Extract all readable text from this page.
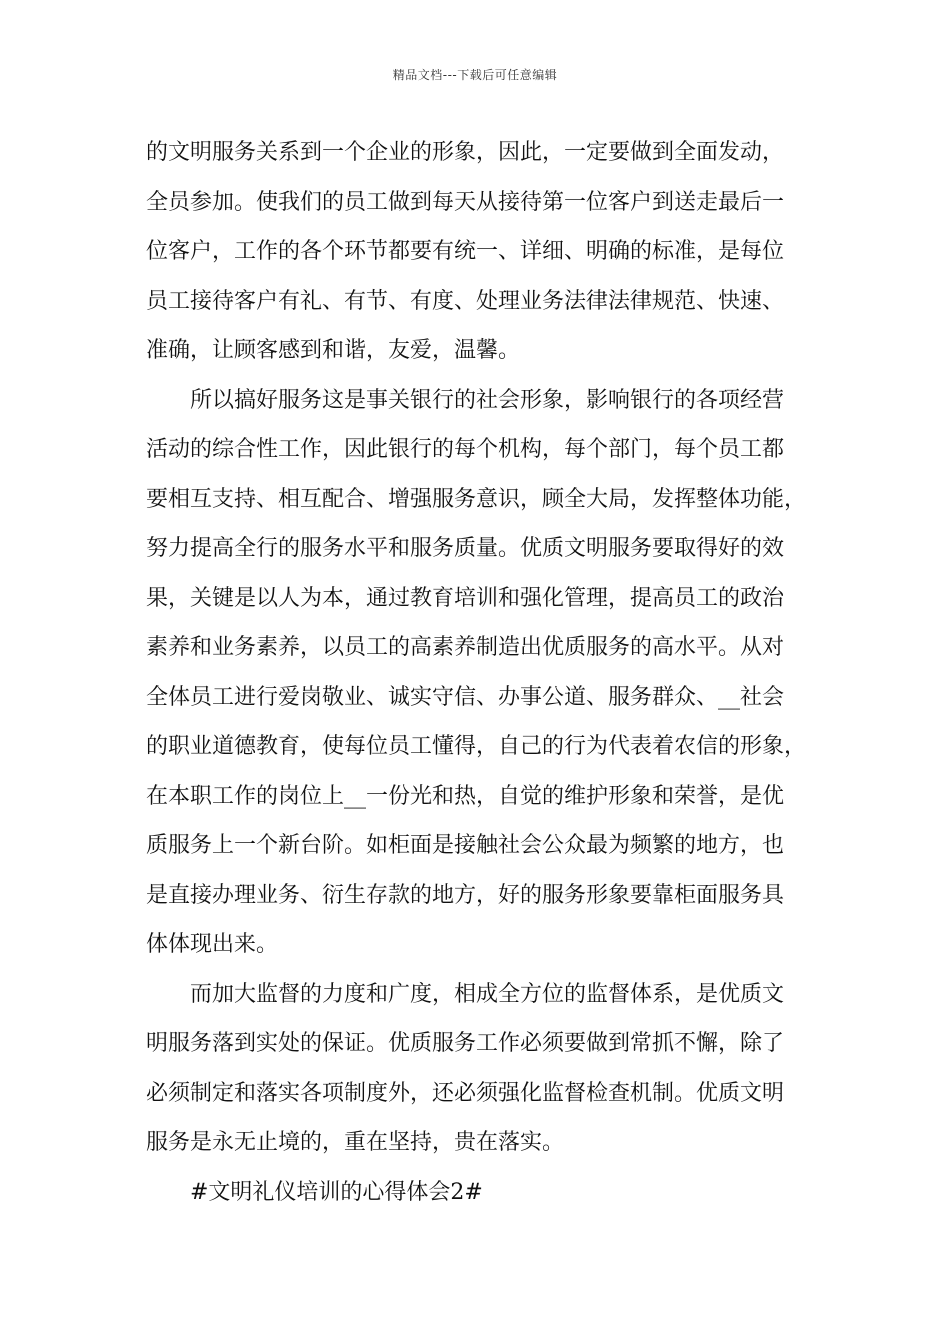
精品文档---下载后可任意编辑
的文明服务关系到一个企业的形象，因此，一定要做到全面发动，
全员参加。使我们的员工做到每天从接待第一位客户到送走最后一
位客户，工作的各个环节都要有统一、详细、明确的标准，是每位
员工接待客户有礼、有节、有度、处理业务法律法律规范、快速、
准确，让顾客感到和谐，友爱，温馨。
所以搞好服务这是事关银行的社会形象，影响银行的各项经营
活动的综合性工作，因此银行的每个机构，每个部门，每个员工都
要相互支持、相互配合、增强服务意识，顾全大局，发挥整体功能，
努力提高全行的服务水平和服务质量。优质文明服务要取得好的效
果，关键是以人为本，通过教育培训和强化管理，提高员工的政治
素养和业务素养，以员工的高素养制造出优质服务的高水平。从对
全体员工进行爱岗敬业、诚实守信、办事公道、服务群众、__社会
的职业道德教育，使每位员工懂得，自己的行为代表着农信的形象，
在本职工作的岗位上__一份光和热，自觉的维护形象和荣誉，是优
质服务上一个新台阶。如柜面是接触社会公众最为频繁的地方，也
是直接办理业务、衍生存款的地方，好的服务形象要靠柜面服务具
体体现出来。
而加大监督的力度和广度，相成全方位的监督体系，是优质文
明服务落到实处的保证。优质服务工作必须要做到常抓不懈，除了
必须制定和落实各项制度外，还必须强化监督检查机制。优质文明
服务是永无止境的，重在坚持，贵在落实。
#文明礼仪培训的心得体会2#
